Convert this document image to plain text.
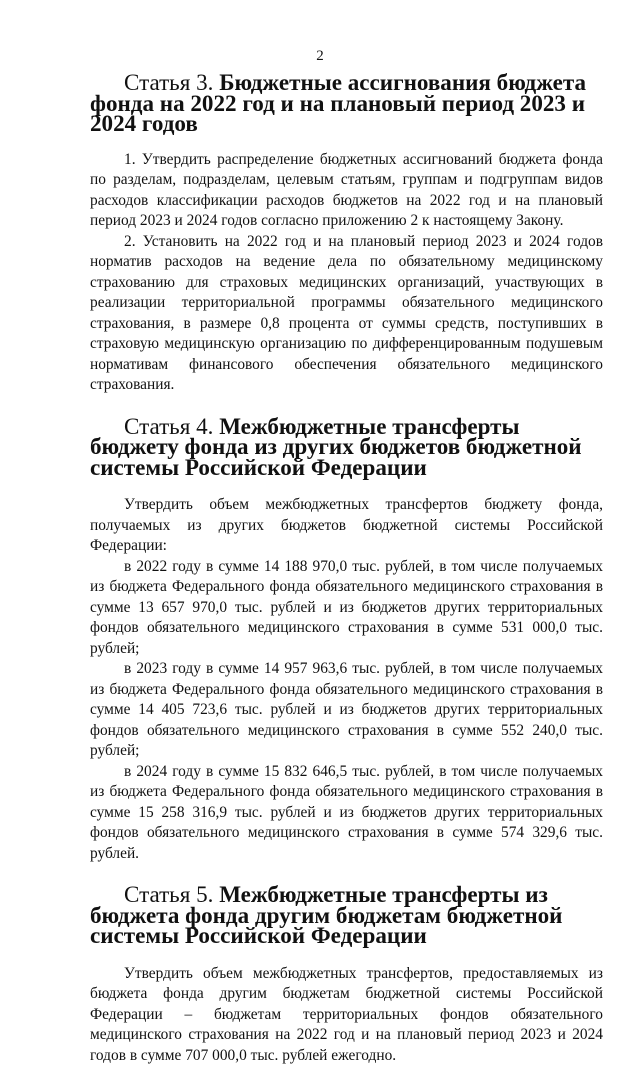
2
Статья 3. Бюджетные ассигнования бюджета фонда на 2022 год и на плановый период 2023 и 2024 годов

1. Утвердить распределение бюджетных ассигнований бюджета фонда по разделам, подразделам, целевым статьям, группам и подгруппам видов расходов классификации расходов бюджетов на 2022 год и на плановый период 2023 и 2024 годов согласно приложению 2 к настоящему Закону.

2. Установить на 2022 год и на плановый период 2023 и 2024 годов норматив расходов на ведение дела по обязательному медицинскому страхованию для страховых медицинских организаций, участвующих в реализации территориальной программы обязательного медицинского страхования, в размере 0,8 процента от суммы средств, поступивших в страховую медицинскую организацию по дифференцированным подушевым нормативам финансового обеспечения обязательного медицинского страхования.

Статья 4. Межбюджетные трансферты бюджету фонда из других бюджетов бюджетной системы Российской Федерации

Утвердить объем межбюджетных трансфертов бюджету фонда, получаемых из других бюджетов бюджетной системы Российской Федерации:

в 2022 году в сумме 14 188 970,0 тыс. рублей, в том числе получаемых из бюджета Федерального фонда обязательного медицинского страхования в сумме 13 657 970,0 тыс. рублей и из бюджетов других территориальных фондов обязательного медицинского страхования в сумме 531 000,0 тыс. рублей;

в 2023 году в сумме 14 957 963,6 тыс. рублей, в том числе получаемых из бюджета Федерального фонда обязательного медицинского страхования в сумме 14 405 723,6 тыс. рублей и из бюджетов других территориальных фондов обязательного медицинского страхования в сумме 552 240,0 тыс. рублей;

в 2024 году в сумме 15 832 646,5 тыс. рублей, в том числе получаемых из бюджета Федерального фонда обязательного медицинского страхования в сумме 15 258 316,9 тыс. рублей и из бюджетов других территориальных фондов обязательного медицинского страхования в сумме 574 329,6 тыс. рублей.

Статья 5. Межбюджетные трансферты из бюджета фонда другим бюджетам бюджетной системы Российской Федерации

Утвердить объем межбюджетных трансфертов, предоставляемых из бюджета фонда другим бюджетам бюджетной системы Российской Федерации – бюджетам территориальных фондов обязательного медицинского страхования на 2022 год и на плановый период 2023 и 2024 годов в сумме 707 000,0 тыс. рублей ежегодно.
